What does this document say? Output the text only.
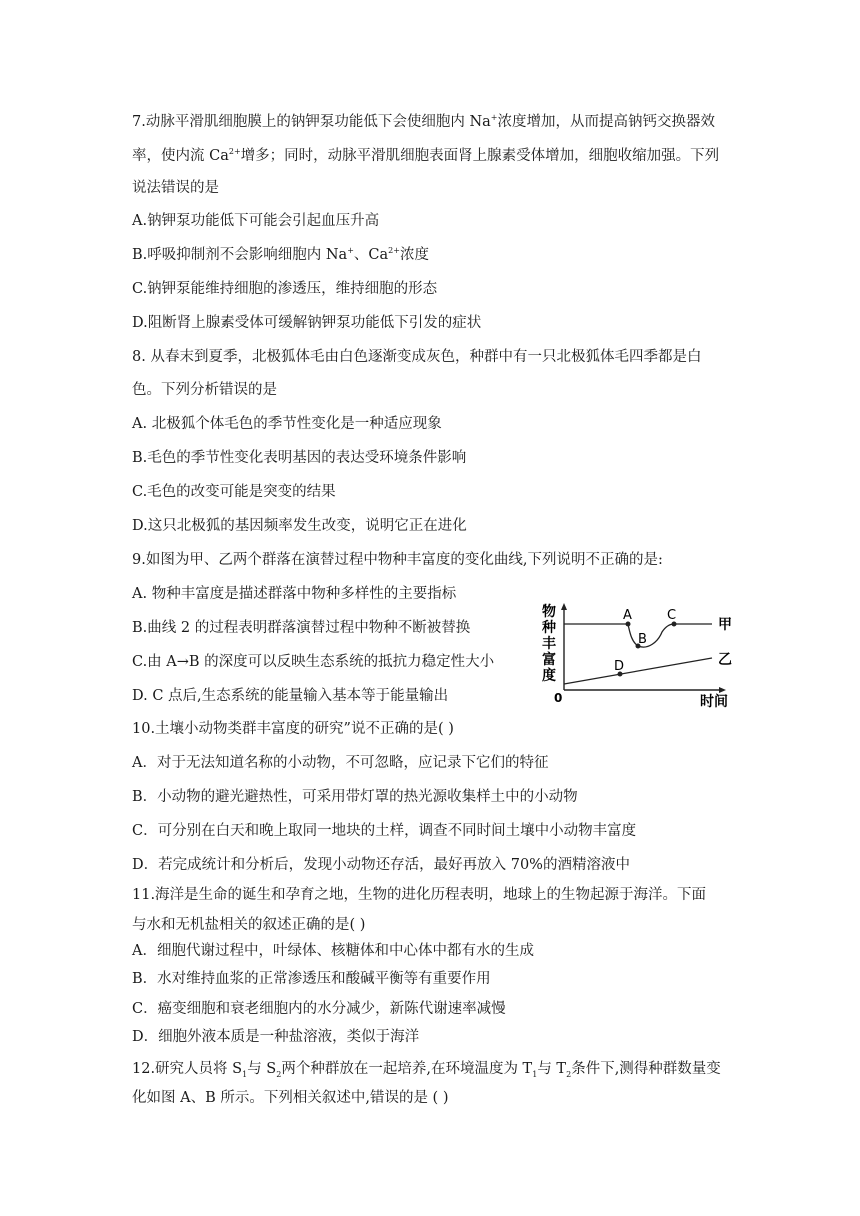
7.动脉平滑肌细胞膜上的钠钾泵功能低下会使细胞内 Na+浓度增加，从而提高钠钙交换器效
率，使内流 $Ca^{2+}$增多；同时，动脉平滑肌细胞表面肾上腺素受体增加，细胞收缩加强。下列
说法错误的是
A.钠钾泵功能低下可能会引起血压升高
B.呼吸抑制剂不会影响细胞内 Na+、$Ca^{2+}$浓度
C.钠钾泵能维持细胞的渗透压，维持细胞的形态
D.阻断肾上腺素受体可缓解钠钾泵功能低下引发的症状
8. 从春末到夏季，北极狐体毛由白色逐渐变成灰色，种群中有一只北极狐体毛四季都是白
色。下列分析错误的是
A. 北极狐个体毛色的季节性变化是一种适应现象
B.毛色的季节性变化表明基因的表达受环境条件影响
C.毛色的改变可能是突变的结果
D.这只北极狐的基因频率发生改变，说明它正在进化
9.如图为甲、乙两个群落在演替过程中物种丰富度的变化曲线,下列说明不正确的是:
A. 物种丰富度是描述群落中物种多样性的主要指标
B.曲线 2 的过程表明群落演替过程中物种不断被替换
C.由 A→B 的深度可以反映生态系统的抵抗力稳定性大小
D. C 点后,生态系统的能量输入基本等于能量输出
物
种
丰
富
度
0	时间
A
B
C
甲
D	乙
10.土壤小动物类群丰富度的研究”说不正确的是( )
A．对于无法知道名称的小动物，不可忽略，应记录下它们的特征
B．小动物的避光避热性，可采用带灯罩的热光源收集样土中的小动物
C．可分别在白天和晚上取同一地块的土样，调查不同时间土壤中小动物丰富度
D．若完成统计和分析后，发现小动物还存活，最好再放入 70%的酒精溶液中
11.海洋是生命的诞生和孕育之地，生物的进化历程表明，地球上的生物起源于海洋。下面
与水和无机盐相关的叙述正确的是( )
A．细胞代谢过程中，叶绿体、核糖体和中心体中都有水的生成
B．水对维持血浆的正常渗透压和酸碱平衡等有重要作用
C．癌变细胞和衰老细胞内的水分减少，新陈代谢速率减慢
D．细胞外液本质是一种盐溶液，类似于海洋
12.研究人员将 $S_1$与 $S_2$两个种群放在一起培养,在环境温度为 $T_1$与 $T_2$条件下,测得种群数量变
化如图 A、B 所示。下列相关叙述中,错误的是 ( )
